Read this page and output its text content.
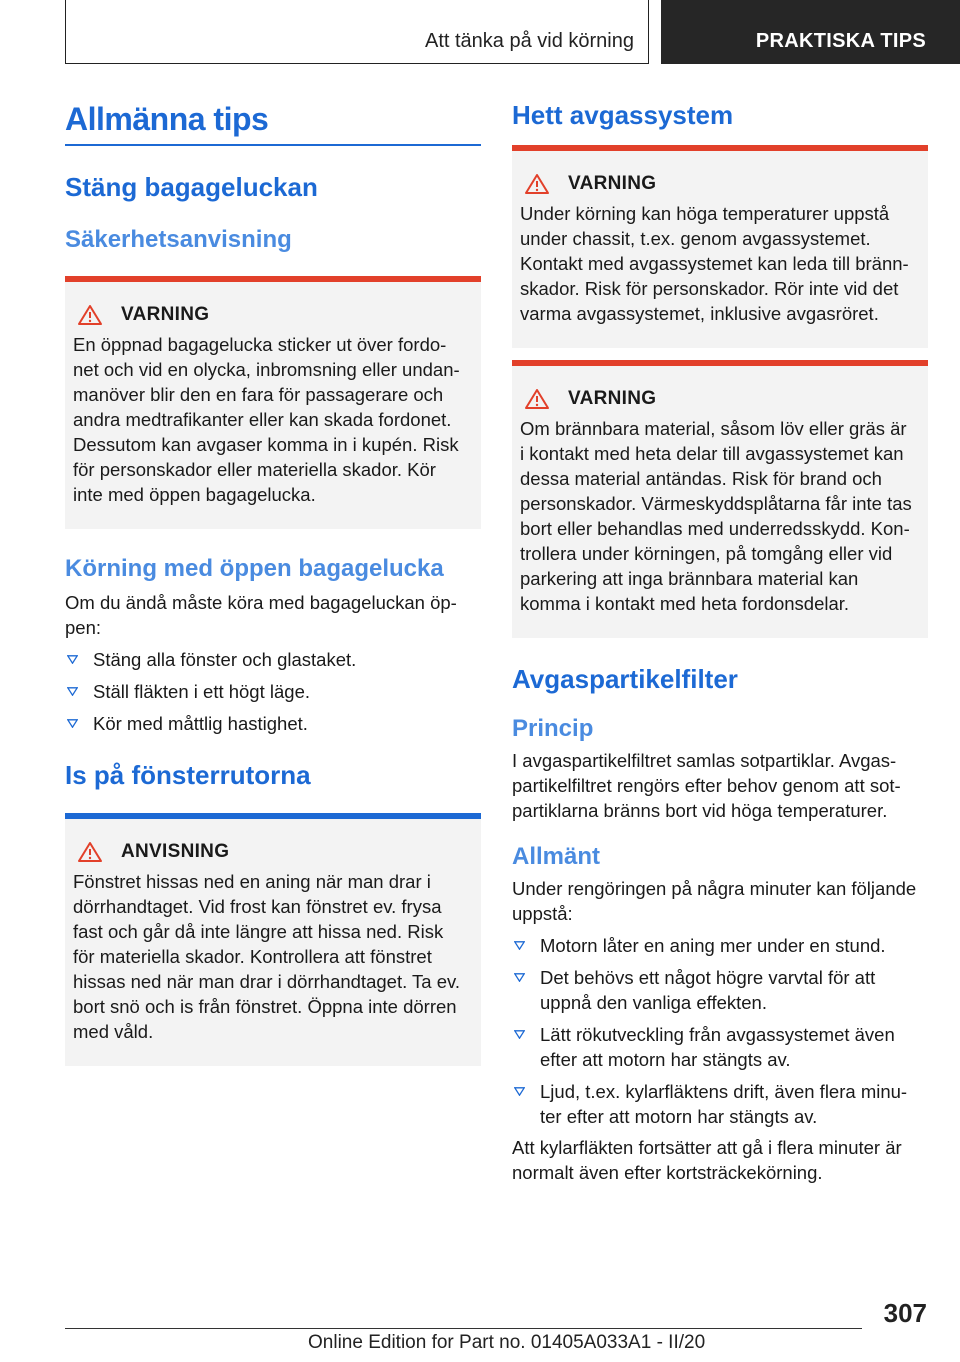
Att tänka på vid körning	PRAKTISKA TIPS
Allmänna tips
Stäng bagageluckan
Säkerhetsanvisning
VARNING

En öppnad bagagelucka sticker ut över fordo-net och vid en olycka, inbromsning eller undan-manöver blir den en fara för passagerare och andra medtrafikanter eller kan skada fordonet. Dessutom kan avgaser komma in i kupén. Risk för personskador eller materiella skador. Kör inte med öppen bagagelucka.

Körning med öppen bagagelucka

Om du ändå måste köra med bagageluckan öp-pen:

Stäng alla fönster och glastaket.
Ställ fläkten i ett högt läge.
Kör med måttlig hastighet.
Is på fönsterrutorna
ANVISNING

Fönstret hissas ned en aning när man drar i dörrhandtaget. Vid frost kan fönstret ev. frysa fast och går då inte längre att hissa ned. Risk för materiella skador. Kontrollera att fönstret hissas ned när man drar i dörrhandtaget. Ta ev. bort snö och is från fönstret. Öppna inte dörren med våld.

Hett avgassystem
VARNING

Under körning kan höga temperaturer uppstå under chassit, t.ex. genom avgassystemet. Kontakt med avgassystemet kan leda till bränn-skador. Risk för personskador. Rör inte vid det varma avgassystemet, inklusive avgasröret.

VARNING

Om brännbara material, såsom löv eller gräs är i kontakt med heta delar till avgassystemet kan dessa material antändas. Risk för brand och personskador. Värmeskyddsplåtarna får inte tas bort eller behandlas med underredsskydd. Kon-trollera under körningen, på tomgång eller vid parkering att inga brännbara material kan komma i kontakt med heta fordonsdelar.

Avgaspartikelfilter
Princip

I avgaspartikelfiltret samlas sotpartiklar. Avgas-partikelfiltret rengörs efter behov genom att sot-partiklarna bränns bort vid höga temperaturer.

Allmänt

Under rengöringen på några minuter kan följande uppstå:

Motorn låter en aning mer under en stund.
Det behövs ett något högre varvtal för att uppnå den vanliga effekten.
Lätt rökutveckling från avgassystemet även efter att motorn har stängts av.
Ljud, t.ex. kylarfläktens drift, även flera minu-ter efter att motorn har stängts av.

Att kylarfläkten fortsätter att gå i flera minuter är normalt även efter kortsträckekörning.

307
Online Edition for Part no. 01405A033A1 - II/20
